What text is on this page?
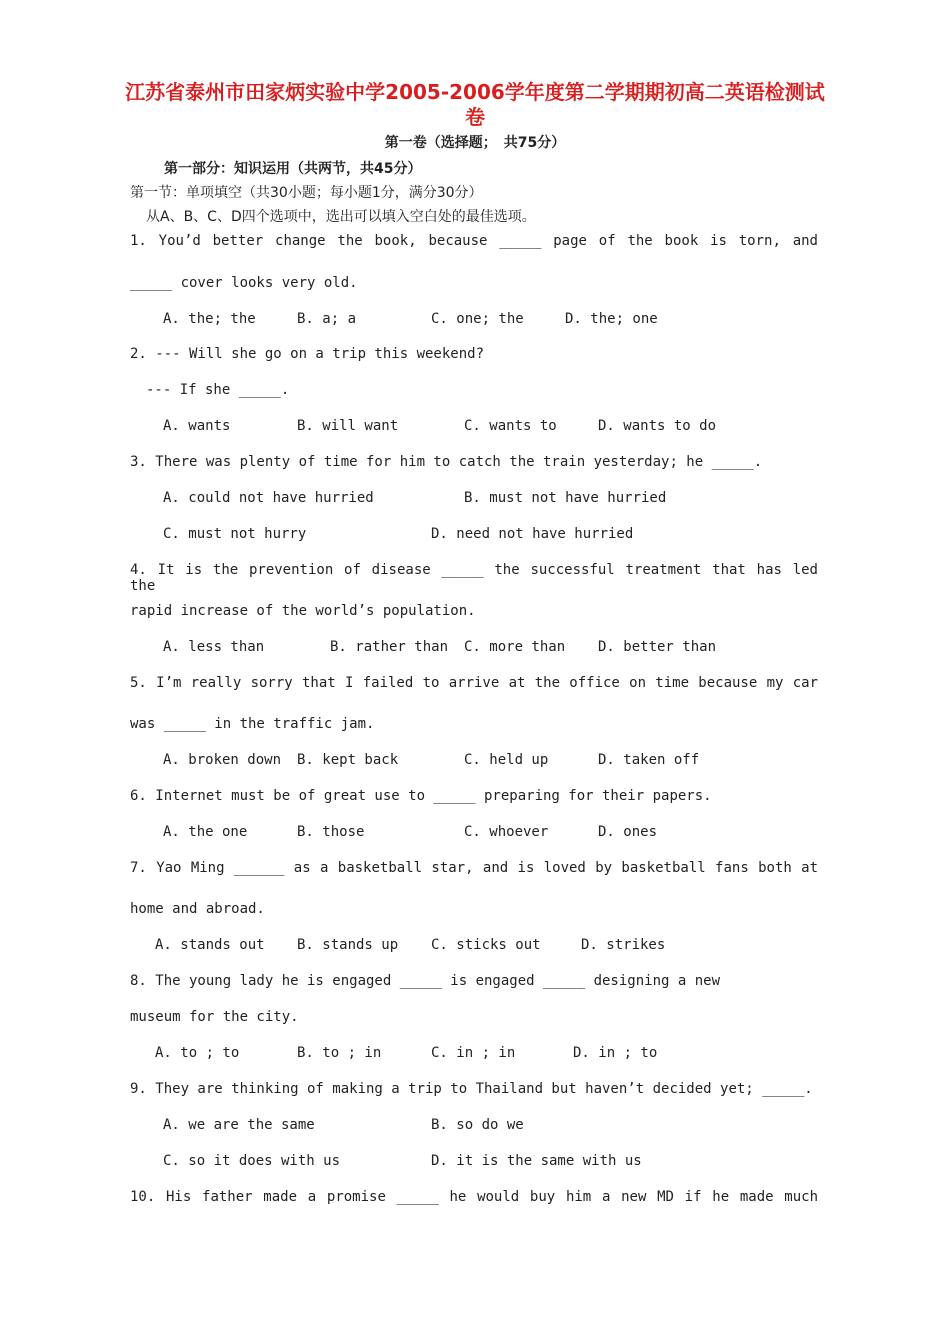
江苏省泰州市田家炳实验中学2005-2006学年度第二学期期初高二英语检测试卷
第一卷（选择题；　共75分）
第一部分：知识运用（共两节，共45分）
第一节：单项填空（共30小题；每小题1分，满分30分）
从A、B、C、D四个选项中，选出可以填入空白处的最佳选项。
1. You’d better change the book, because _____ page of the book is torn, and
_____ cover looks very old.
A. the; the	B. a; a	C. one; the	D. the; one
2. --- Will she go on a trip this weekend?
--- If she _____.
A. wants	B. will want	C. wants to	D. wants to do
3. There was plenty of time for him to catch the train yesterday; he _____.
A. could not have hurried	B. must not have hurried
C. must not hurry	D. need not have hurried
4. It is the prevention of disease _____ the successful treatment that has led the
rapid increase of the world’s population.
A. less than	B. rather than C. more than D. better than
5. I’m really sorry that I failed to arrive at the office on time because my car
was _____ in the traffic jam.
A. broken down B. kept back	C. held up	D. taken off
6. Internet must be of great use to _____ preparing for their papers.
A. the one	B. those	C. whoever	D. ones
7. Yao Ming ______ as a basketball star, and is loved by basketball fans both at
home and abroad.
A. stands out B. stands up C. sticks out	D. strikes
8. The young lady he is engaged _____ is engaged _____ designing a new
museum for the city.
A. to ; to	B. to ; in	C. in ; in	D. in ; to
9. They are thinking of making a trip to Thailand but haven’t decided yet; _____.
A. we are the same	B. so do we
C. so it does with us	D. it is the same with us
10. His father made a promise _____ he would buy him a new MD if he made much
